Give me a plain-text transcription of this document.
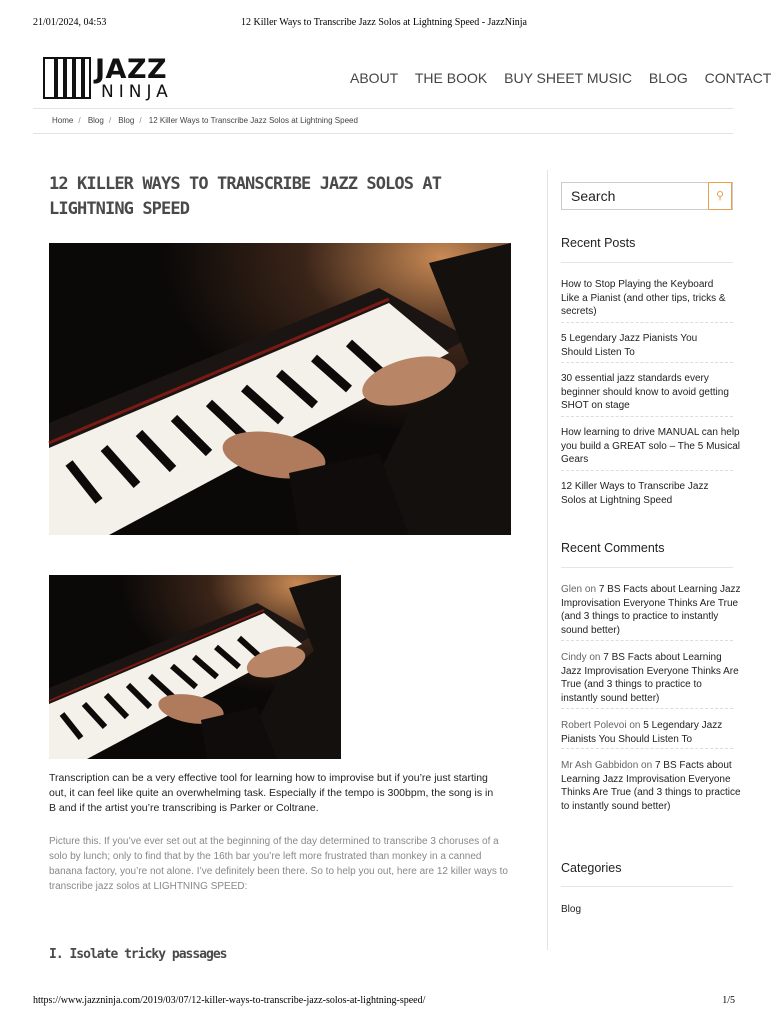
21/01/2024, 04:53	12 Killer Ways to Transcribe Jazz Solos at Lightning Speed - JazzNinja
JAZZ
NINJA
ABOUT THE BOOK BUY SHEET MUSIC BLOG CONTACT
Home / Blog / Blog / 12 Killer Ways to Transcribe Jazz Solos at Lightning Speed
12 KILLER WAYS TO TRANSCRIBE JAZZ SOLOS AT LIGHTNING SPEED

Transcription can be a very effective tool for learning how to improvise but if you’re just starting out, it can feel like quite an overwhelming task. Especially if the tempo is 300bpm, the song is in B and if the artist you’re transcribing is Parker or Coltrane.

Picture this. If you’ve ever set out at the beginning of the day determined to transcribe 3 choruses of a solo by lunch; only to find that by the 16th bar you’re left more frustrated than monkey in a canned banana factory, you’re not alone. I’ve definitely been there. So to help you out, here are 12 killer ways to transcribe jazz solos at LIGHTNING SPEED:

I. Isolate tricky passages
Search	⚲
Recent Posts
How to Stop Playing the Keyboard Like a Pianist (and other tips, tricks & secrets)
5 Legendary Jazz Pianists You Should Listen To
30 essential jazz standards every beginner should know to avoid getting SHOT on stage
How learning to drive MANUAL can help you build a GREAT solo – The 5 Musical Gears
12 Killer Ways to Transcribe Jazz Solos at Lightning Speed
Recent Comments
Glen on 7 BS Facts about Learning Jazz Improvisation Everyone Thinks Are True (and 3 things to practice to instantly sound better)
Cindy on 7 BS Facts about Learning Jazz Improvisation Everyone Thinks Are True (and 3 things to practice to instantly sound better)
Robert Polevoi on 5 Legendary Jazz Pianists You Should Listen To
Mr Ash Gabbidon on 7 BS Facts about Learning Jazz Improvisation Everyone Thinks Are True (and 3 things to practice to instantly sound better)
Categories
Blog
https://www.jazzninja.com/2019/03/07/12-killer-ways-to-transcribe-jazz-solos-at-lightning-speed/	1/5
